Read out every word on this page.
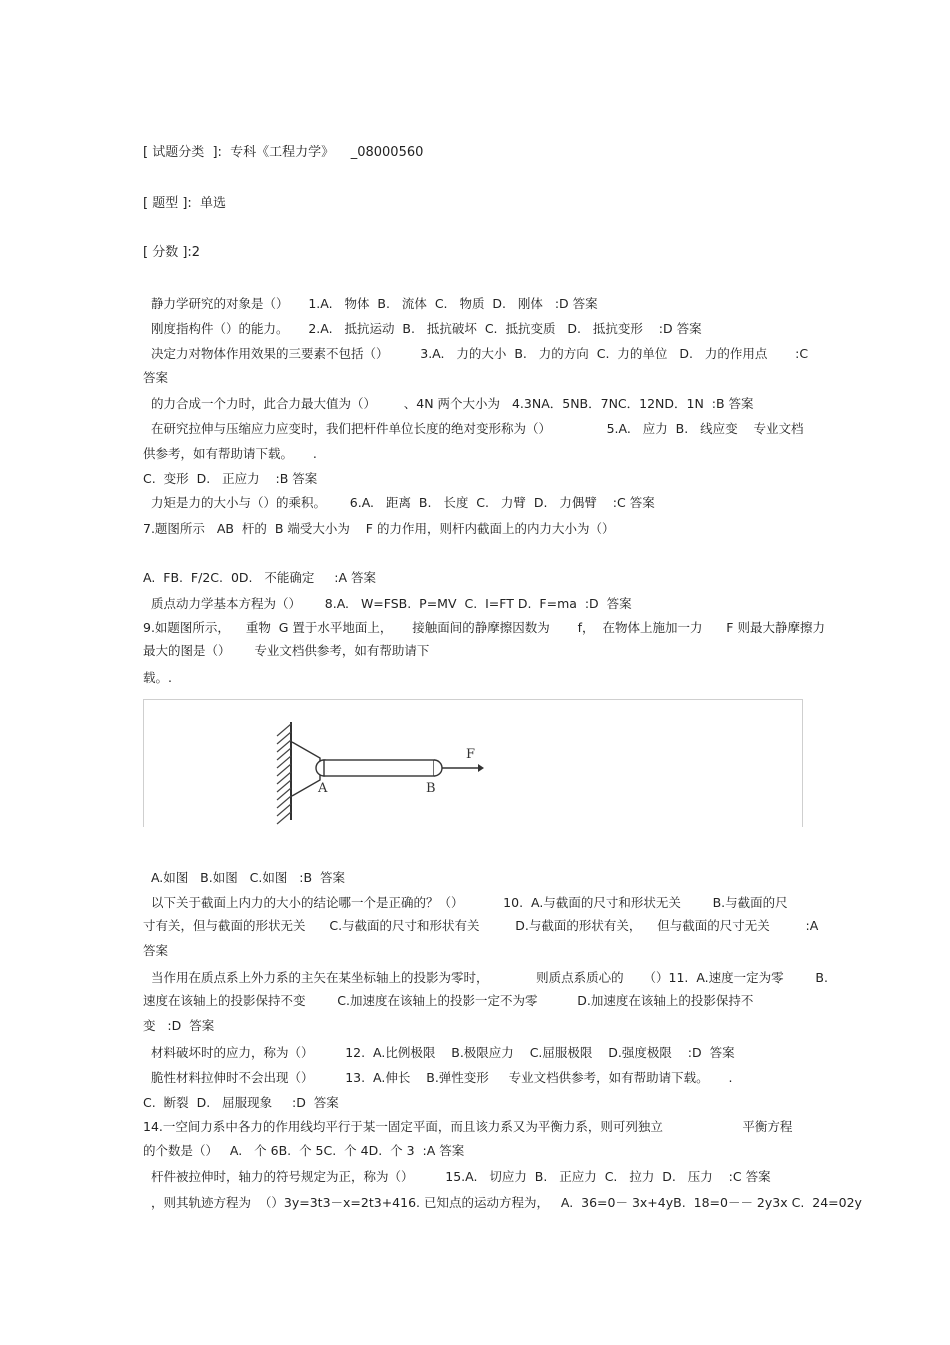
[ 试题分类  ]:  专科《工程力学》    _08000560
[ 题型 ]:  单选
[ 分数 ]:2
静力学研究的对象是（）     1.A.   物体  B.   流体  C.   物质  D.   刚体   :D 答案
刚度指构件（）的能力。     2.A.   抵抗运动  B.   抵抗破坏  C.  抵抗变质   D.   抵抗变形    :D 答案
决定力对物体作用效果的三要素不包括（）        3.A.   力的大小  B.   力的方向  C.  力的单位   D.   力的作用点       :C
答案
的力合成一个力时，此合力最大值为（）       、4N 两个大小为   4.3NA．5NB．7NC．12ND．1N  :B 答案
在研究拉伸与压缩应力应变时，我们把杆件单位长度的绝对变形称为（）              5.A.   应力  B.   线应变    专业文档
供参考，如有帮助请下载。     .
C.  变形  D.   正应力    :B 答案
力矩是力的大小与（）的乘积。      6.A.   距离  B.   长度  C.   力臂  D.   力偶臂    :C 答案
7.题图所示   AB  杆的  B 端受大小为    F 的力作用，则杆内截面上的内力大小为（）
A.  FB.  F/2C.  0D.   不能确定     :A 答案
质点动力学基本方程为（）      8.A.   W=FSB.  P=MV  C.  I=FT D.  F=ma  :D  答案
9.如题图所示，    重物  G 置于水平地面上，     接触面间的静摩擦因数为       f，  在物体上施加一力      F 则最大静摩擦力
最大的图是（）      专业文档供参考，如有帮助请下
载。.
A	B
F
A.如图   B.如图   C.如图   :B  答案
以下关于截面上内力的大小的结论哪一个是正确的？（）          10.  A.与截面的尺寸和形状无关        B.与截面的尺
寸有关，但与截面的形状无关      C.与截面的尺寸和形状有关         D.与截面的形状有关，    但与截面的尺寸无关         :A
答案
当作用在质点系上外力系的主矢在某坐标轴上的投影为零时，            则质点系质心的     （）11.  A.速度一定为零        B.
速度在该轴上的投影保持不变        C.加速度在该轴上的投影一定不为零          D.加速度在该轴上的投影保持不
变   :D  答案
材料破坏时的应力，称为（）        12.  A.比例极限    B.极限应力    C.屈服极限    D.强度极限    :D  答案
脆性材料拉伸时不会出现（）        13.  A.伸长    B.弹性变形     专业文档供参考，如有帮助请下载。     .
C.  断裂  D.   屈服现象     :D  答案
14.一空间力系中各力的作用线均平行于某一固定平面，而且该力系又为平衡力系，则可列独立                    平衡方程
的个数是（）   A.   个 6B.  个 5C.  个 4D.  个 3  :A 答案
杆件被拉伸时，轴力的符号规定为正，称为（）        15.A.   切应力  B.   正应力  C.   拉力  D.   压力    :C 答案
，则其轨迹方程为  （）3y=3t3－x=2t3+416. 已知点的运动方程为，   A.  36=0－ 3x+4yB.  18=0－－ 2y3x C.  24=02y
